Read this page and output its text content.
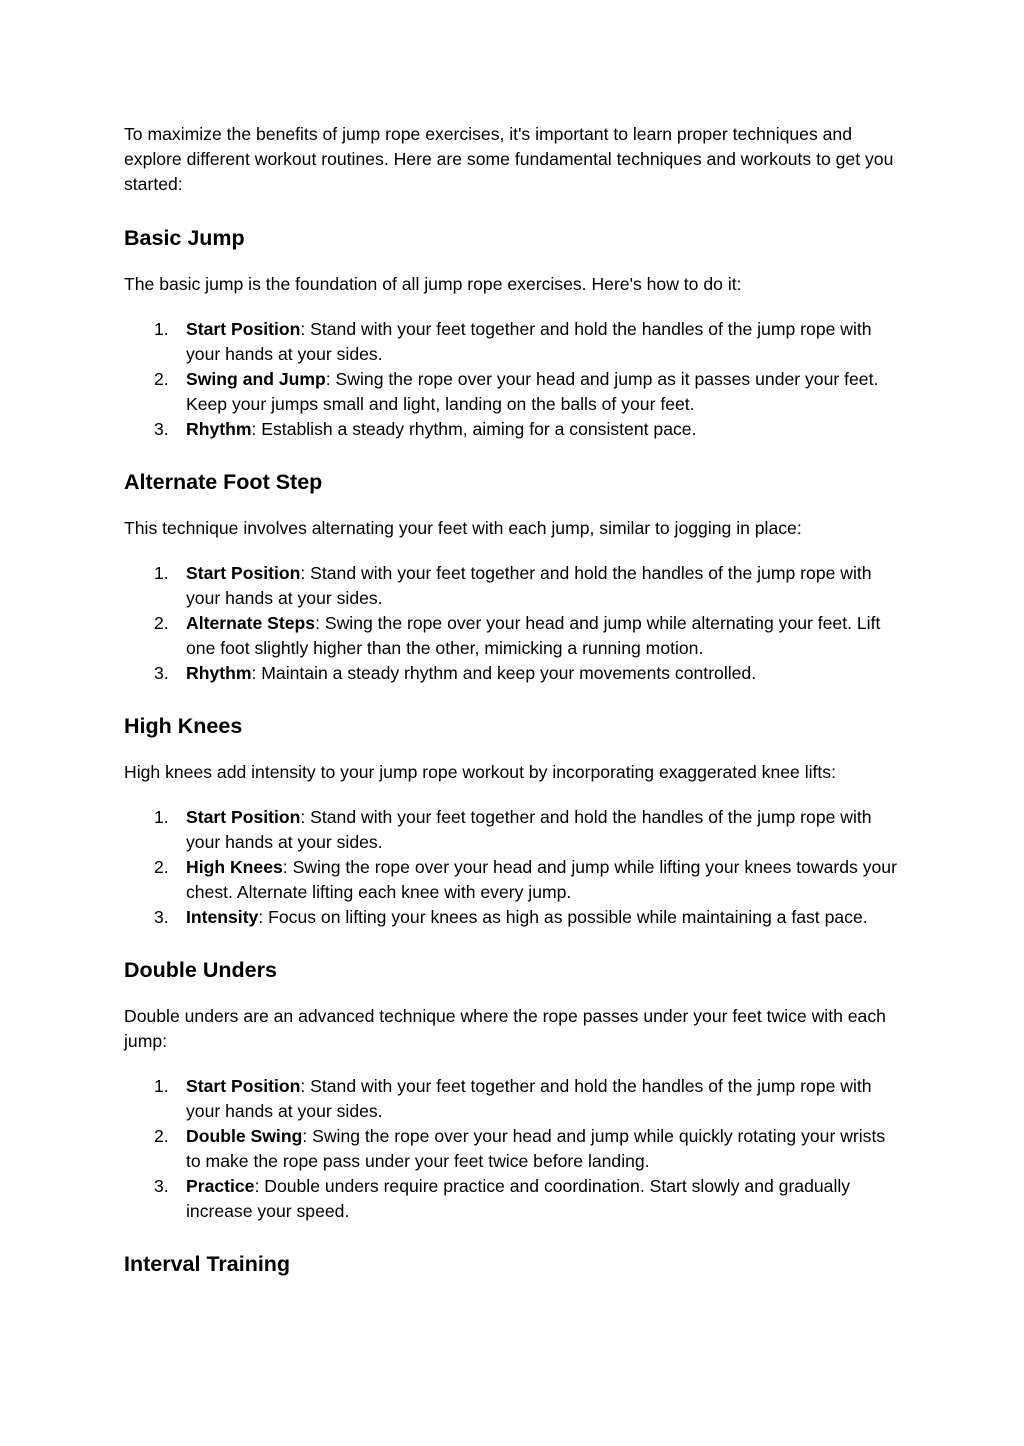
To maximize the benefits of jump rope exercises, it's important to learn proper techniques and explore different workout routines. Here are some fundamental techniques and workouts to get you started:

Basic Jump

The basic jump is the foundation of all jump rope exercises. Here's how to do it:

1. Start Position: Stand with your feet together and hold the handles of the jump rope with your hands at your sides.
2. Swing and Jump: Swing the rope over your head and jump as it passes under your feet. Keep your jumps small and light, landing on the balls of your feet.
3. Rhythm: Establish a steady rhythm, aiming for a consistent pace.
Alternate Foot Step

This technique involves alternating your feet with each jump, similar to jogging in place:

1. Start Position: Stand with your feet together and hold the handles of the jump rope with your hands at your sides.
2. Alternate Steps: Swing the rope over your head and jump while alternating your feet. Lift one foot slightly higher than the other, mimicking a running motion.
3. Rhythm: Maintain a steady rhythm and keep your movements controlled.
High Knees

High knees add intensity to your jump rope workout by incorporating exaggerated knee lifts:

1. Start Position: Stand with your feet together and hold the handles of the jump rope with your hands at your sides.
2. High Knees: Swing the rope over your head and jump while lifting your knees towards your chest. Alternate lifting each knee with every jump.
3. Intensity: Focus on lifting your knees as high as possible while maintaining a fast pace.
Double Unders

Double unders are an advanced technique where the rope passes under your feet twice with each jump:

1. Start Position: Stand with your feet together and hold the handles of the jump rope with your hands at your sides.
2. Double Swing: Swing the rope over your head and jump while quickly rotating your wrists to make the rope pass under your feet twice before landing.
3. Practice: Double unders require practice and coordination. Start slowly and gradually increase your speed.
Interval Training
